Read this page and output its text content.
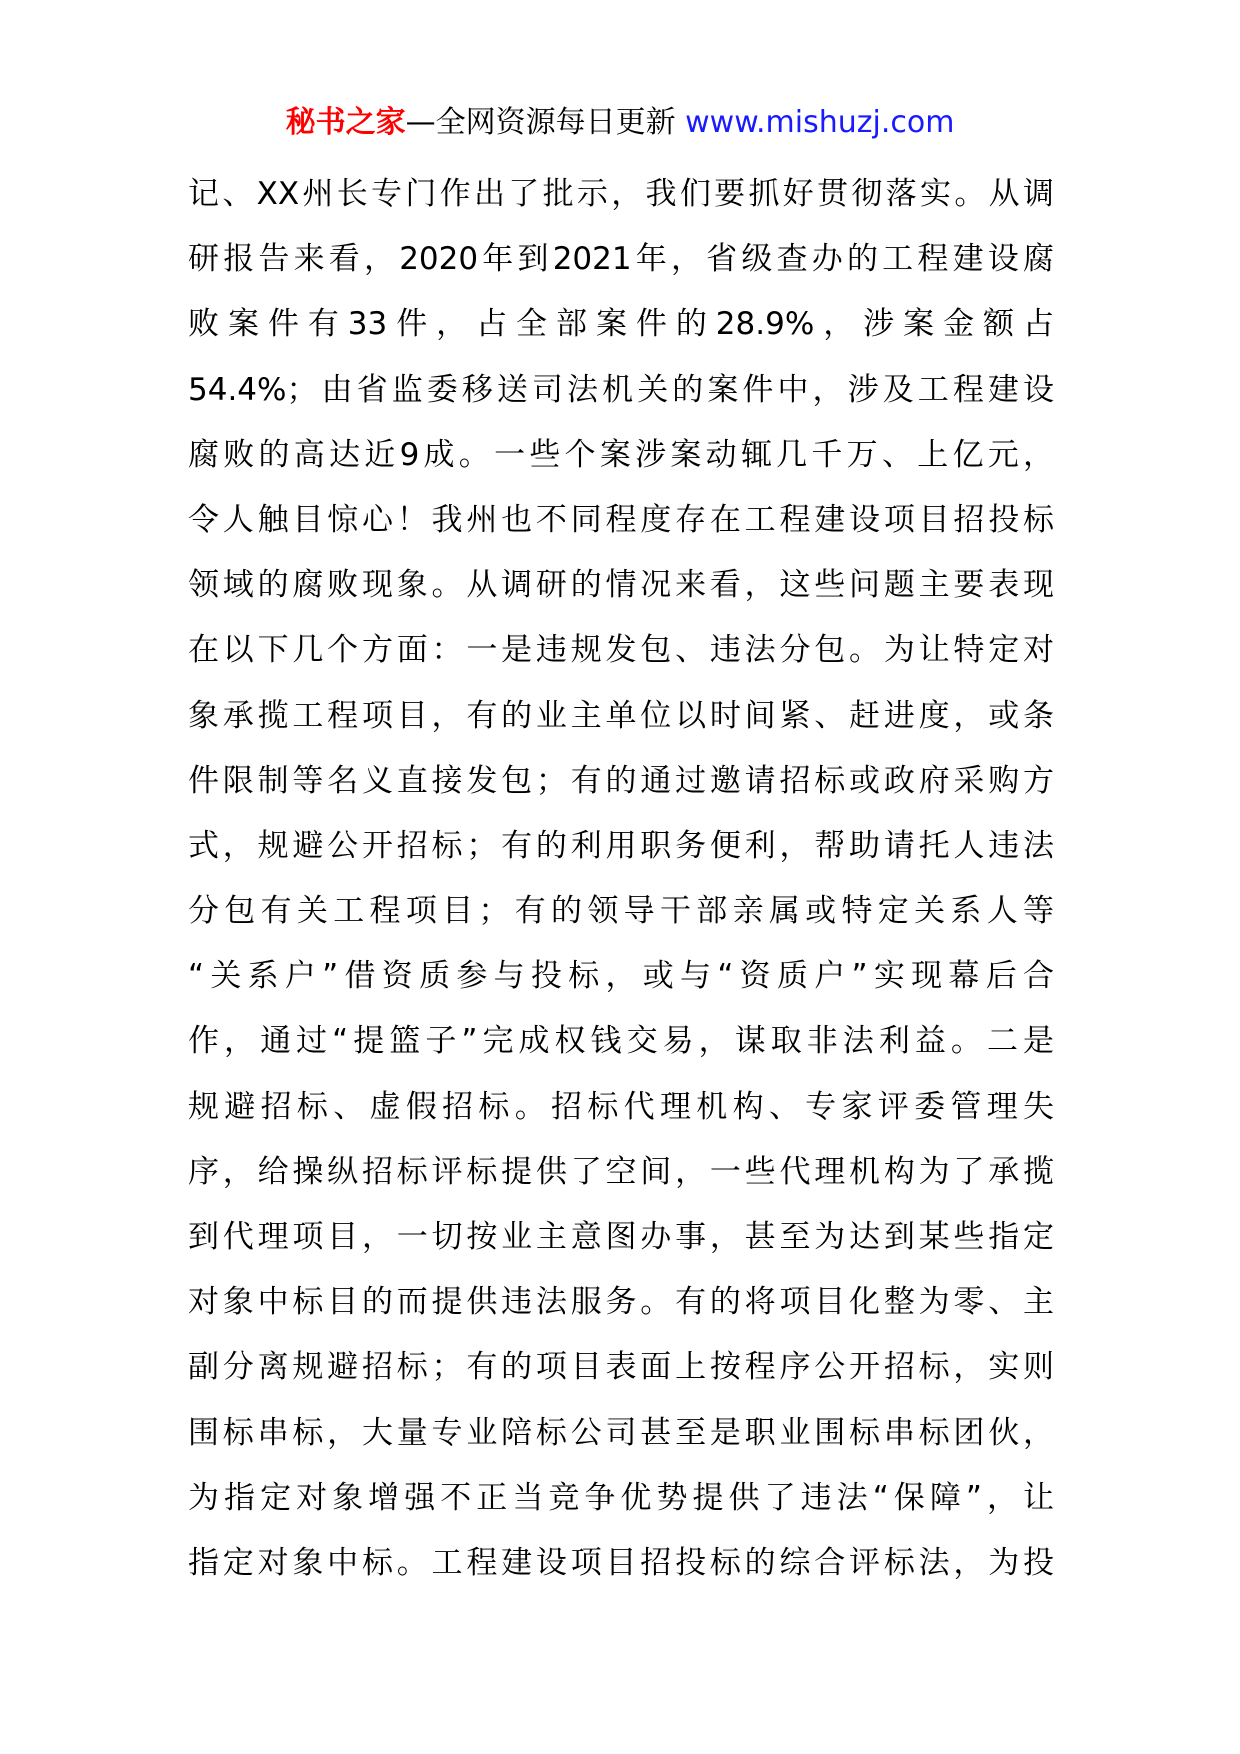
秘书之家—全网资源每日更新 www.mishuzj.com
记、XX州长专门作出了批示，我们要抓好贯彻落实。从调
研报告来看，2020年到2021年，省级查办的工程建设腐
败案件有33件，占全部案件的28.9%，涉案金额占
54.4%；由省监委移送司法机关的案件中，涉及工程建设
腐败的高达近9成。一些个案涉案动辄几千万、上亿元，
令人触目惊心！我州也不同程度存在工程建设项目招投标
领域的腐败现象。从调研的情况来看，这些问题主要表现
在以下几个方面：一是违规发包、违法分包。为让特定对
象承揽工程项目，有的业主单位以时间紧、赶进度，或条
件限制等名义直接发包；有的通过邀请招标或政府采购方
式，规避公开招标；有的利用职务便利，帮助请托人违法
分包有关工程项目；有的领导干部亲属或特定关系人等
“关系户”借资质参与投标，或与“资质户”实现幕后合
作，通过“提篮子”完成权钱交易，谋取非法利益。二是
规避招标、虚假招标。招标代理机构、专家评委管理失
序，给操纵招标评标提供了空间，一些代理机构为了承揽
到代理项目，一切按业主意图办事，甚至为达到某些指定
对象中标目的而提供违法服务。有的将项目化整为零、主
副分离规避招标；有的项目表面上按程序公开招标，实则
围标串标，大量专业陪标公司甚至是职业围标串标团伙，
为指定对象增强不正当竞争优势提供了违法“保障”，让
指定对象中标。工程建设项目招投标的综合评标法，为投
